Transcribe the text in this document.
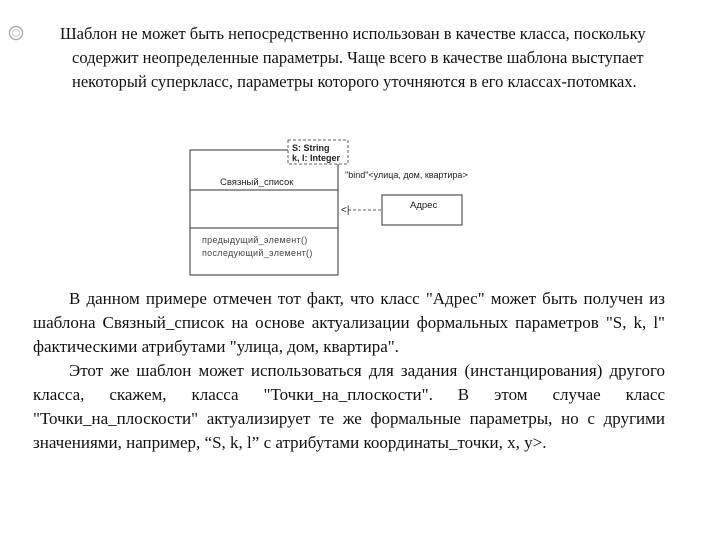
Шаблон не может быть непосредственно использован в качестве класса, поскольку содержит неопределенные параметры. Чаще всего в качестве шаблона выступает некоторый суперкласс, параметры которого уточняются в его классах-потомках.

S: String
k, l: Integer
Связный_список
"bind"<улица, дом, квартира>
<|	Адрес
предыдущий_элемент()
последующий_элемент()

В данном примере отмечен тот факт, что класс "Адрес" может быть получен из шаблона Связный_список на основе актуализации формальных параметров "S, k, l" фактическими атрибутами "улица, дом, квартира".

Этот же шаблон может использоваться для задания (инстанцирования) другого класса, скажем, класса "Точки_на_плоскости". В этом случае класс "Точки_на_плоскости" актуализирует те же формальные параметры, но с другими значениями, например, “S, k, l” с атрибутами координаты_точки, x, y>.
